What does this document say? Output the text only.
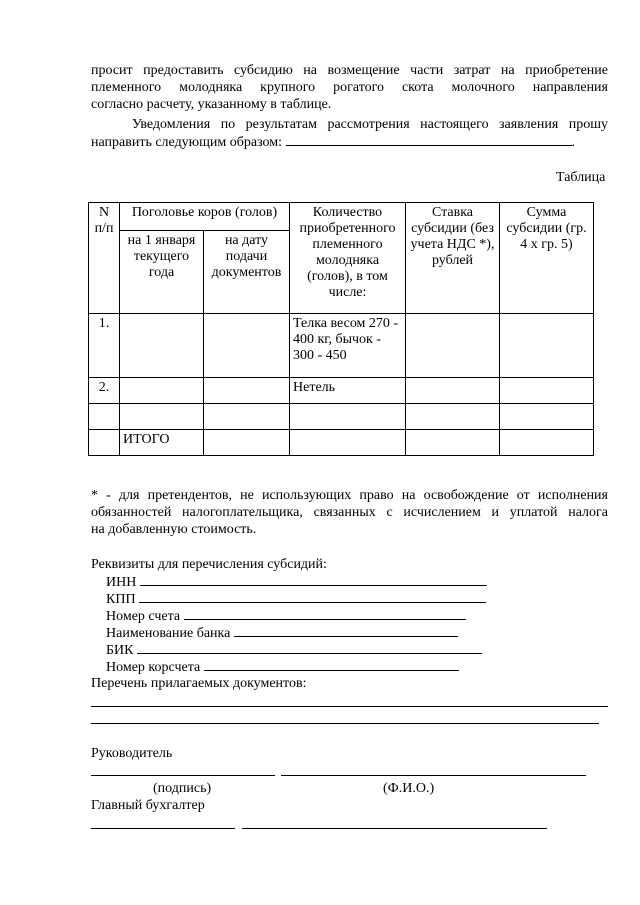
просит предоставить субсидию на возмещение части затрат на приобретение
племенного молодняка крупного рогатого скота молочного направления
согласно расчету, указанному в таблице.
Уведомления по результатам рассмотрения настоящего заявления прошу
направить следующим образом:	.
Таблица
N п/п	Поголовье коров (голов)		Количество приобретенного племенного молодняка (голов), в том числе:	Ставка субсидии (без учета НДС *), рублей	Сумма субсидии (гр. 4 x гр. 5)
	на 1 января текущего года	на дату подачи документов			
1.			Телка весом 270 - 400 кг, бычок - 300 - 450		
2.			Нетель		

	ИТОГО				
* - для претендентов, не использующих право на освобождение от исполнения
обязанностей налогоплательщика, связанных с исчислением и уплатой налога
на добавленную стоимость.
Реквизиты для перечисления субсидий:
ИНН
КПП
Номер счета
Наименование банка
БИК
Номер корсчета
Перечень прилагаемых документов:
Руководитель
(подпись)	(Ф.И.О.)
Главный бухгалтер
